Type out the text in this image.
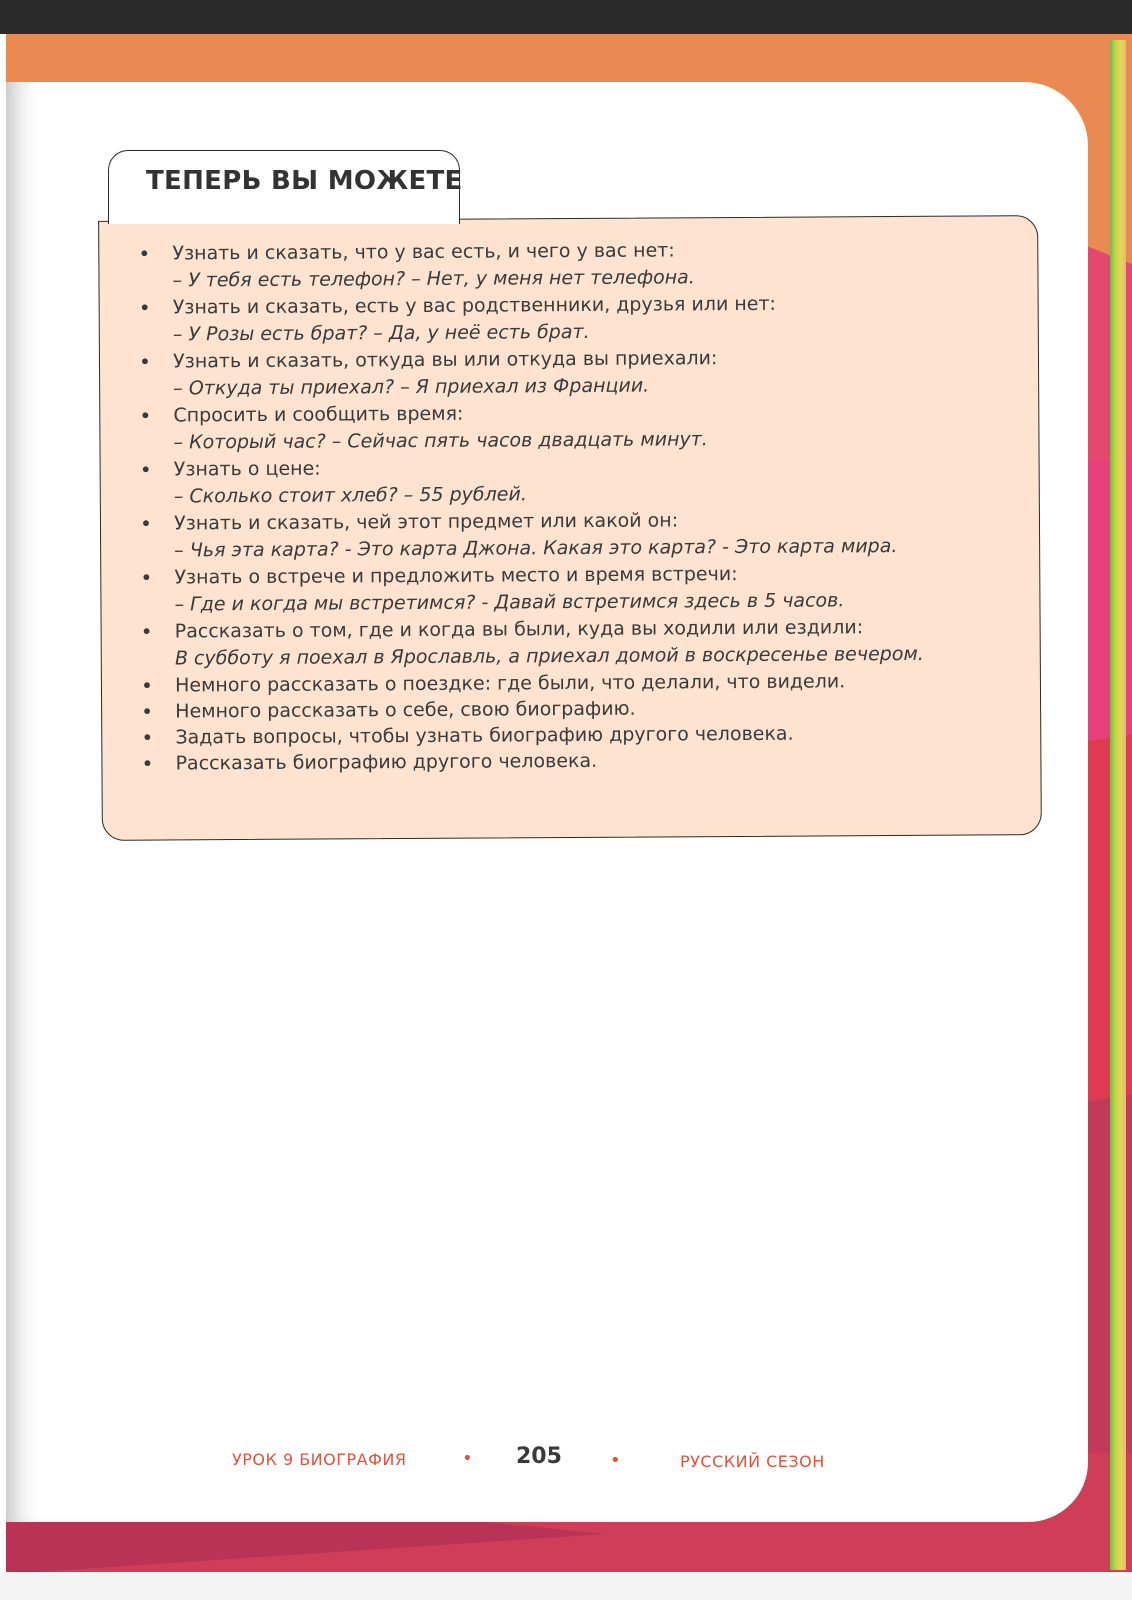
ТЕПЕРЬ ВЫ МОЖЕТЕ
• Узнать и сказать, что у вас есть, и чего у вас нет:
– У тебя есть телефон? – Нет, у меня нет телефона.
• Узнать и сказать, есть у вас родственники, друзья или нет:
– У Розы есть брат? – Да, у неё есть брат.
• Узнать и сказать, откуда вы или откуда вы приехали:
– Откуда ты приехал? – Я приехал из Франции.
• Спросить и сообщить время:
– Который час? – Сейчас пять часов двадцать минут.
• Узнать о цене:
– Сколько стоит хлеб? – 55 рублей.
• Узнать и сказать, чей этот предмет или какой он:
– Чья эта карта? - Это карта Джона. Какая это карта? - Это карта мира.
• Узнать о встрече и предложить место и время встречи:
– Где и когда мы встретимся? - Давай встретимся здесь в 5 часов.
• Рассказать о том, где и когда вы были, куда вы ходили или ездили:
В субботу я поехал в Ярославль, а приехал домой в воскресенье вечером.
• Немного рассказать о поездке: где были, что делали, что видели.
• Немного рассказать о себе, свою биографию.
• Задать вопросы, чтобы узнать биографию другого человека.
• Рассказать биографию другого человека.
УРОК 9 БИОГРАФИЯ	• 205	•	РУССКИЙ СЕЗОН
